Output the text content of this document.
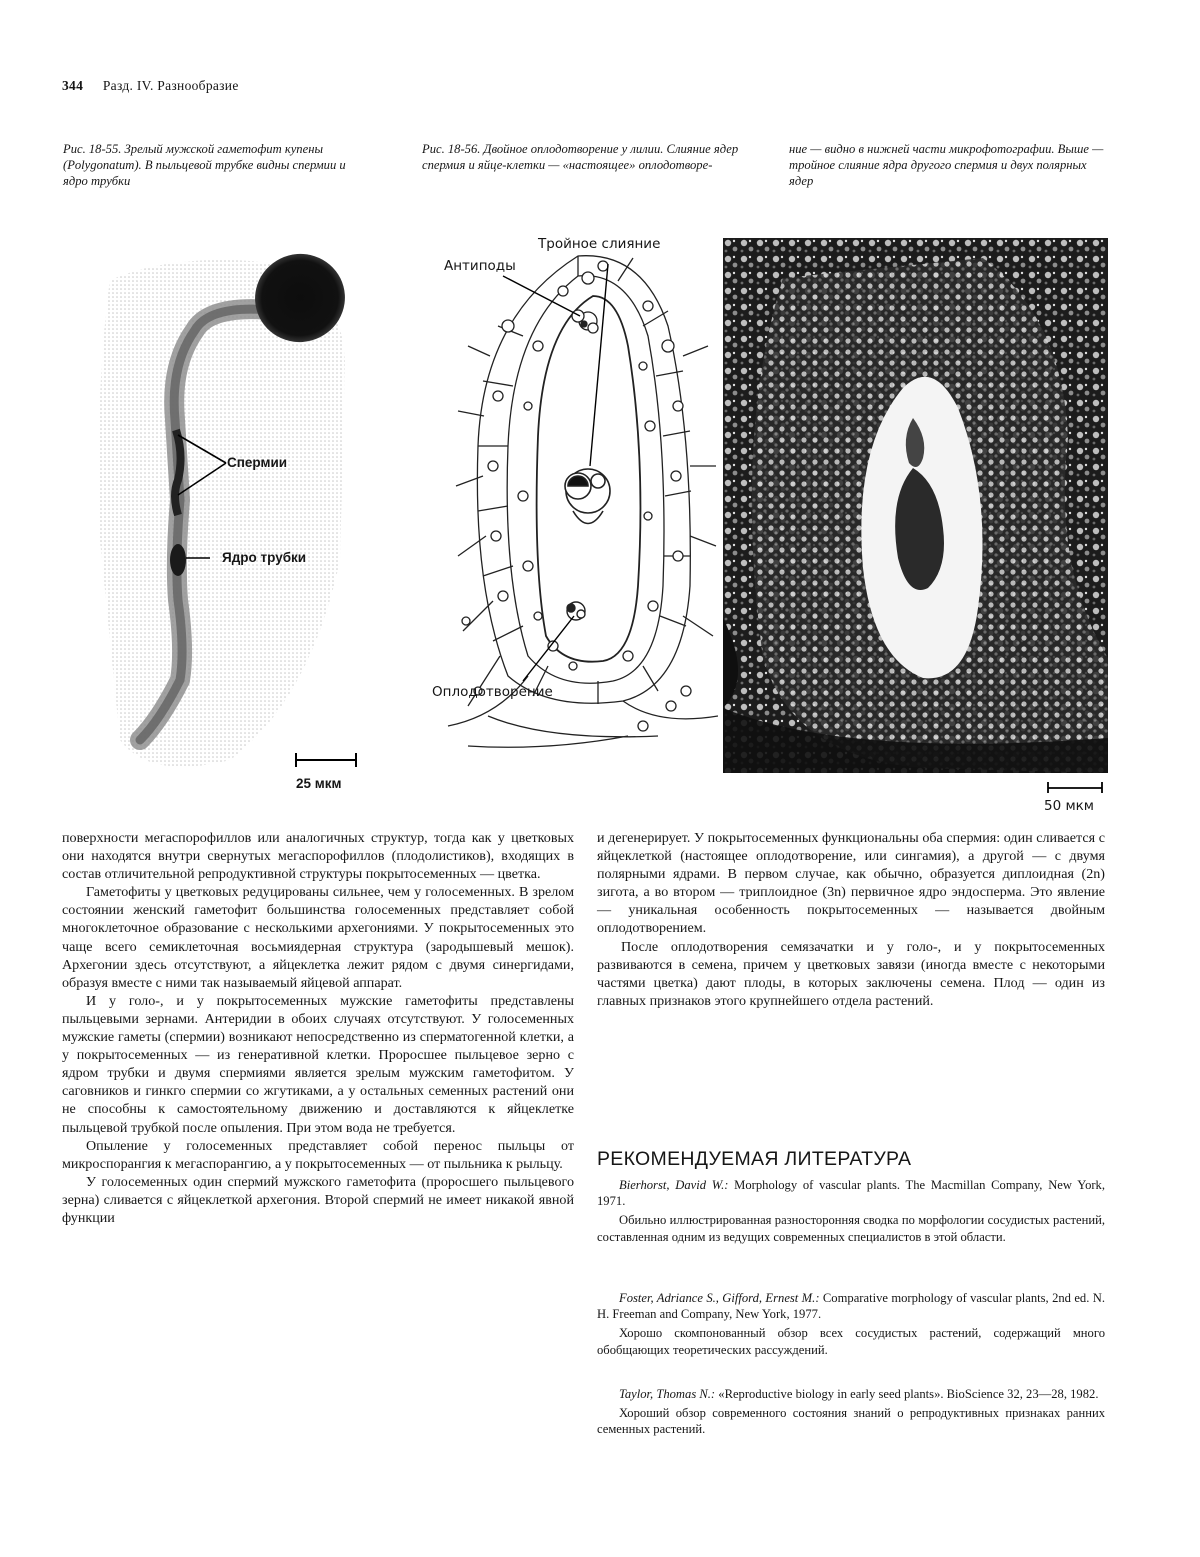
344 Разд. IV. Разнообразие
Рис. 18-55. Зрелый мужской гаметофит купены (Polygonatum). В пыльцевой трубке видны спермии и ядро трубки
Рис. 18-56. Двойное оплодотворение у лилии. Слияние ядер спермия и яйце-клетки — «настоящее» оплодотворе-
ние — видно в нижней части микрофотографии. Выше — тройное слияние ядра другого спермия и двух полярных ядер
Спермии
Ядро трубки
25 мкм
Тройное слияние
Антиподы
Оплодотворение
50 мкм

поверхности мегаспорофиллов или аналогичных структур, тогда как у цветковых они находятся внутри свернутых мегаспорофиллов (плодолистиков), входящих в состав отличительной репродуктивной структуры покрытосеменных — цветка.

Гаметофиты у цветковых редуцированы сильнее, чем у голосеменных. В зрелом состоянии женский гаметофит большинства голосеменных представляет собой многоклеточное образование с несколькими архегониями. У покрытосеменных это чаще всего семиклеточная восьмиядерная структура (зародышевый мешок). Архегонии здесь отсутствуют, а яйцеклетка лежит рядом с двумя синергидами, образуя вместе с ними так называемый яйцевой аппарат.

И у голо-, и у покрытосеменных мужские гаметофиты представлены пыльцевыми зернами. Антеридии в обоих случаях отсутствуют. У голосеменных мужские гаметы (спермии) возникают непосредственно из сперматогенной клетки, а у покрытосеменных — из генеративной клетки. Проросшее пыльцевое зерно с ядром трубки и двумя спермиями является зрелым мужским гаметофитом. У саговников и гинкго спермии со жгутиками, а у остальных семенных растений они не способны к самостоятельному движению и доставляются к яйцеклетке пыльцевой трубкой после опыления. При этом вода не требуется.

Опыление у голосеменных представляет собой перенос пыльцы от микроспорангия к мегаспорангию, а у покрытосеменных — от пыльника к рыльцу.

У голосеменных один спермий мужского гаметофита (проросшего пыльцевого зерна) сливается с яйцеклеткой архегония. Второй спермий не имеет никакой явной функции

и дегенерирует. У покрытосеменных функциональны оба спермия: один сливается с яйцеклеткой (настоящее оплодотворение, или сингамия), а другой — с двумя полярными ядрами. В первом случае, как обычно, образуется диплоидная (2n) зигота, а во втором — триплоидное (3n) первичное ядро эндосперма. Это явление — уникальная особенность покрытосеменных — называется двойным оплодотворением.

После оплодотворения семязачатки и у голо-, и у покрытосеменных развиваются в семена, причем у цветковых завязи (иногда вместе с некоторыми частями цветка) дают плоды, в которых заключены семена. Плод — один из главных признаков этого крупнейшего отдела растений.

РЕКОМЕНДУЕМАЯ ЛИТЕРАТУРА

Bierhorst, David W.: Morphology of vascular plants. The Macmillan Company, New York, 1971.

Обильно иллюстрированная разносторонняя сводка по морфологии сосудистых растений, составленная одним из ведущих современных специалистов в этой области.

Foster, Adriance S., Gifford, Ernest M.: Comparative morphology of vascular plants, 2nd ed. N. H. Freeman and Company, New York, 1977.

Хорошо скомпонованный обзор всех сосудистых растений, содержащий много обобщающих теоретических рассуждений.

Taylor, Thomas N.: «Reproductive biology in early seed plants». BioScience 32, 23—28, 1982.

Хороший обзор современного состояния знаний о репродуктивных признаках ранних семенных растений.
